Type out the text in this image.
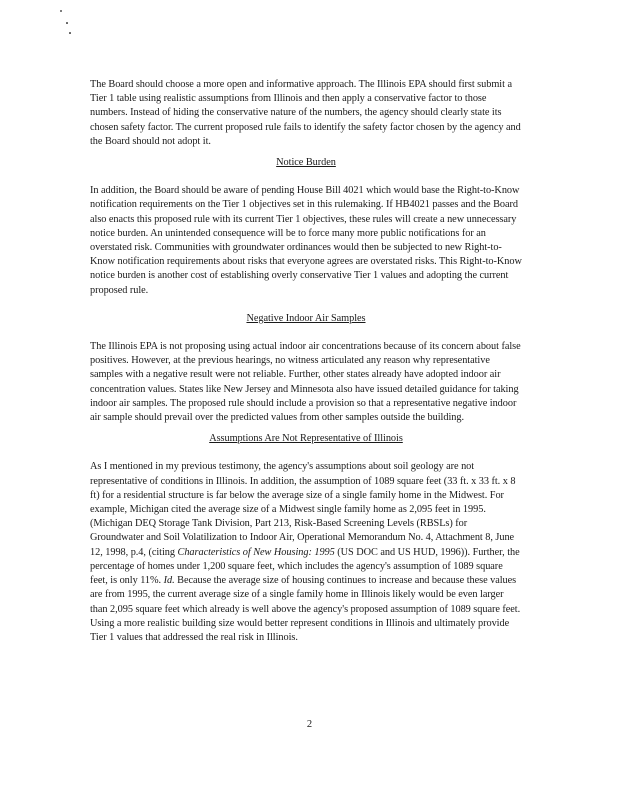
The Board should choose a more open and informative approach. The Illinois EPA should first submit a Tier 1 table using realistic assumptions from Illinois and then apply a conservative factor to those numbers. Instead of hiding the conservative nature of the numbers, the agency should clearly state its chosen safety factor. The current proposed rule fails to identify the safety factor chosen by the agency and the Board should not adopt it.

Notice Burden

In addition, the Board should be aware of pending House Bill 4021 which would base the Right-to-Know notification requirements on the Tier 1 objectives set in this rulemaking. If HB4021 passes and the Board also enacts this proposed rule with its current Tier 1 objectives, these rules will create a new unnecessary notice burden. An unintended consequence will be to force many more public notifications for an overstated risk. Communities with groundwater ordinances would then be subjected to new Right-to-Know notification requirements about risks that everyone agrees are overstated risks. This Right-to-Know notice burden is another cost of establishing overly conservative Tier 1 values and adopting the current proposed rule.

Negative Indoor Air Samples

The Illinois EPA is not proposing using actual indoor air concentrations because of its concern about false positives. However, at the previous hearings, no witness articulated any reason why representative samples with a negative result were not reliable. Further, other states already have adopted indoor air concentration values. States like New Jersey and Minnesota also have issued detailed guidance for taking indoor air samples. The proposed rule should include a provision so that a representative negative indoor air sample should prevail over the predicted values from other samples outside the building.

Assumptions Are Not Representative of Illinois

As I mentioned in my previous testimony, the agency's assumptions about soil geology are not representative of conditions in Illinois. In addition, the assumption of 1089 square feet (33 ft. x 33 ft. x 8 ft) for a residential structure is far below the average size of a single family home in the Midwest. For example, Michigan cited the average size of a Midwest single family home as 2,095 feet in 1995. (Michigan DEQ Storage Tank Division, Part 213, Risk-Based Screening Levels (RBSLs) for Groundwater and Soil Volatilization to Indoor Air, Operational Memorandum No. 4, Attachment 8, June 12, 1998, p.4, (citing Characteristics of New Housing: 1995 (US DOC and US HUD, 1996)). Further, the percentage of homes under 1,200 square feet, which includes the agency's assumption of 1089 square feet, is only 11%. Id. Because the average size of housing continues to increase and because these values are from 1995, the current average size of a single family home in Illinois likely would be even larger than 2,095 square feet which already is well above the agency's proposed assumption of 1089 square feet. Using a more realistic building size would better represent conditions in Illinois and ultimately provide Tier 1 values that addressed the real risk in Illinois.

2
